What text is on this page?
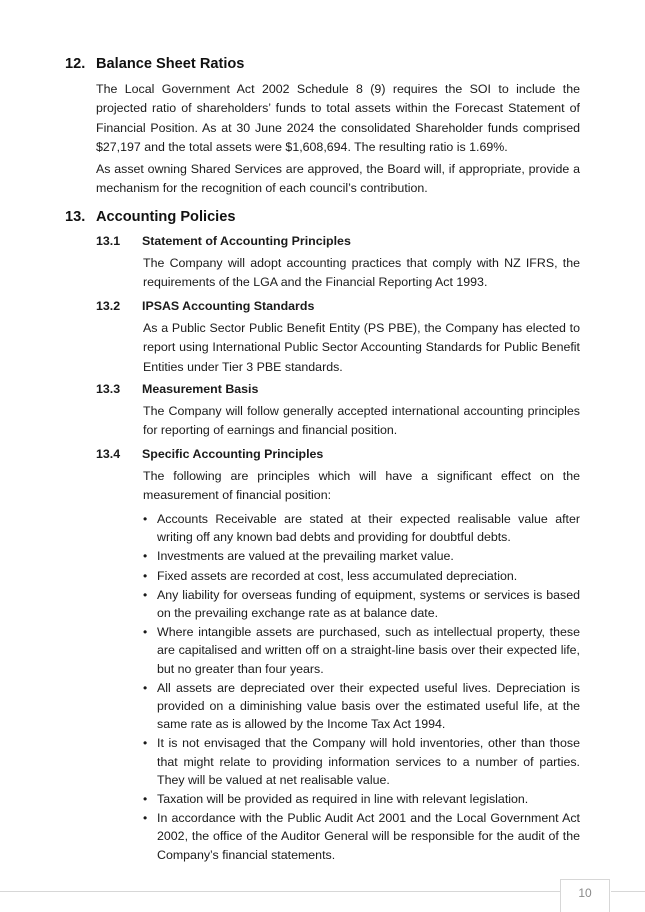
12. Balance Sheet Ratios

The Local Government Act 2002 Schedule 8 (9) requires the SOI to include the projected ratio of shareholders’ funds to total assets within the Forecast Statement of Financial Position. As at 30 June 2024 the consolidated Shareholder funds comprised $27,197 and the total assets were $1,608,694. The resulting ratio is 1.69%.

As asset owning Shared Services are approved, the Board will, if appropriate, provide a mechanism for the recognition of each council’s contribution.

13. Accounting Policies
13.1 Statement of Accounting Principles

The Company will adopt accounting practices that comply with NZ IFRS, the requirements of the LGA and the Financial Reporting Act 1993.

13.2 IPSAS Accounting Standards

As a Public Sector Public Benefit Entity (PS PBE), the Company has elected to report using International Public Sector Accounting Standards for Public Benefit Entities under Tier 3 PBE standards.

13.3 Measurement Basis

The Company will follow generally accepted international accounting principles for reporting of earnings and financial position.

13.4 Specific Accounting Principles

The following are principles which will have a significant effect on the measurement of financial position:

• Accounts Receivable are stated at their expected realisable value after writing off any known bad debts and providing for doubtful debts.
• Investments are valued at the prevailing market value.
• Fixed assets are recorded at cost, less accumulated depreciation.
• Any liability for overseas funding of equipment, systems or services is based on the prevailing exchange rate as at balance date.
• Where intangible assets are purchased, such as intellectual property, these are capitalised and written off on a straight-line basis over their expected life, but no greater than four years.
• All assets are depreciated over their expected useful lives. Depreciation is provided on a diminishing value basis over the estimated useful life, at the same rate as is allowed by the Income Tax Act 1994.
• It is not envisaged that the Company will hold inventories, other than those that might relate to providing information services to a number of parties. They will be valued at net realisable value.
• Taxation will be provided as required in line with relevant legislation.
• In accordance with the Public Audit Act 2001 and the Local Government Act 2002, the office of the Auditor General will be responsible for the audit of the Company’s financial statements.
10
